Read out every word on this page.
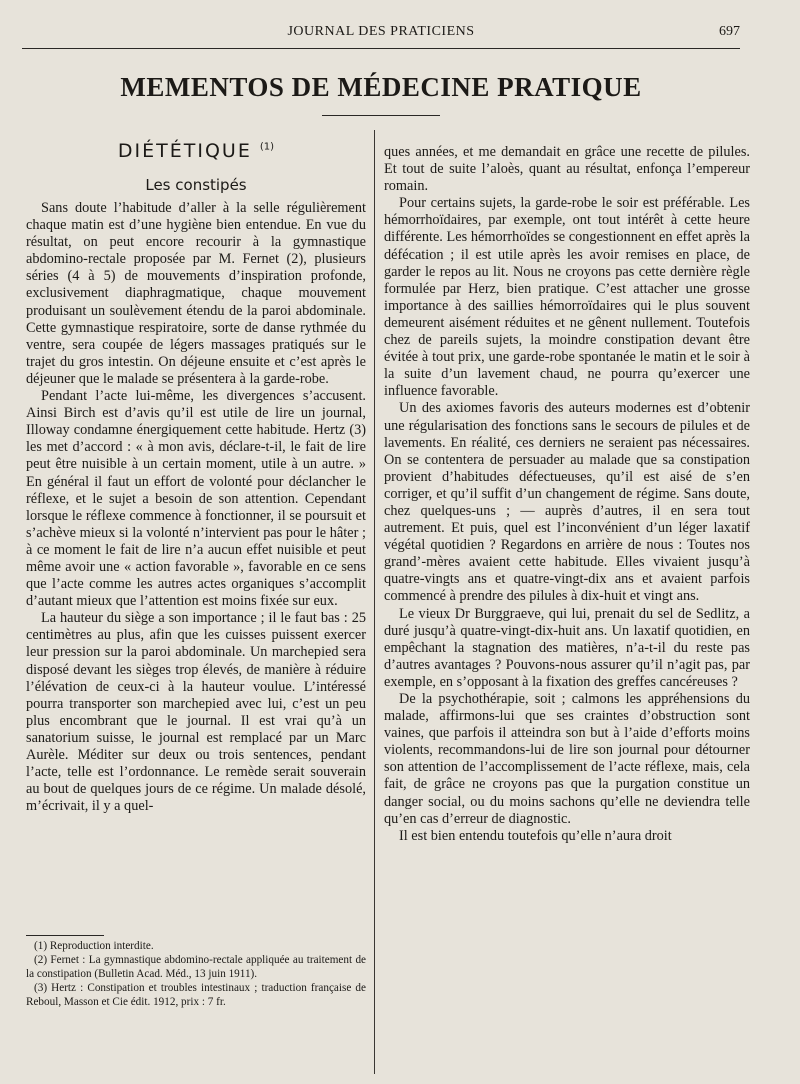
JOURNAL DES PRATICIENS	697
MEMENTOS DE MÉDECINE PRATIQUE
DIÉTÉTIQUE $^{(1)}$
Les constipés

Sans doute l’habitude d’aller à la selle régulièrement chaque matin est d’une hygiène bien entendue. En vue du résultat, on peut encore recourir à la gymnastique abdomino-rectale proposée par M. Fernet (2), plusieurs séries (4 à 5) de mouvements d’inspiration profonde, exclusivement diaphragmatique, chaque mouvement produisant un soulèvement étendu de la paroi abdominale. Cette gymnastique respiratoire, sorte de danse rythmée du ventre, sera coupée de légers massages pratiqués sur le trajet du gros intestin. On déjeune ensuite et c’est après le déjeuner que le malade se présentera à la garde-robe.

Pendant l’acte lui-même, les divergences s’accusent. Ainsi Birch est d’avis qu’il est utile de lire un journal, Illoway condamne énergiquement cette habitude. Hertz (3) les met d’accord : « à mon avis, déclare-t-il, le fait de lire peut être nuisible à un certain moment, utile à un autre. » En général il faut un effort de volonté pour déclancher le réflexe, et le sujet a besoin de son attention. Cependant lorsque le réflexe commence à fonctionner, il se poursuit et s’achève mieux si la volonté n’intervient pas pour le hâter ; à ce moment le fait de lire n’a aucun effet nuisible et peut même avoir une « action favorable », favorable en ce sens que l’acte comme les autres actes organiques s’accomplit d’autant mieux que l’attention est moins fixée sur eux.

La hauteur du siège a son importance ; il le faut bas : 25 centimètres au plus, afin que les cuisses puissent exercer leur pression sur la paroi abdominale. Un marchepied sera disposé devant les sièges trop élevés, de manière à réduire l’élévation de ceux-ci à la hauteur voulue. L’intéressé pourra transporter son marchepied avec lui, c’est un peu plus encombrant que le journal. Il est vrai qu’à un sanatorium suisse, le journal est remplacé par un Marc Aurèle. Méditer sur deux ou trois sentences, pendant l’acte, telle est l’ordonnance. Le remède serait souverain au bout de quelques jours de ce régime. Un malade désolé, m’écrivait, il y a quel-

(1) Reproduction interdite.

(2) Fernet : La gymnastique abdomino-rectale appliquée au traitement de la constipation (Bulletin Acad. Méd., 13 juin 1911).

(3) Hertz : Constipation et troubles intestinaux ; traduction française de Reboul, Masson et Cie édit. 1912, prix : 7 fr.

ques années, et me demandait en grâce une recette de pilules. Et tout de suite l’aloès, quant au résultat, enfonça l’empereur romain.

Pour certains sujets, la garde-robe le soir est préférable. Les hémorrhoïdaires, par exemple, ont tout intérêt à cette heure différente. Les hémorrhoïdes se congestionnent en effet après la défécation ; il est utile après les avoir remises en place, de garder le repos au lit. Nous ne croyons pas cette dernière règle formulée par Herz, bien pratique. C’est attacher une grosse importance à des saillies hémorroïdaires qui le plus souvent demeurent aisément réduites et ne gênent nullement. Toutefois chez de pareils sujets, la moindre constipation devant être évitée à tout prix, une garde-robe spontanée le matin et le soir à la suite d’un lavement chaud, ne pourra qu’exercer une influence favorable.

Un des axiomes favoris des auteurs modernes est d’obtenir une régularisation des fonctions sans le secours de pilules et de lavements. En réalité, ces derniers ne seraient pas nécessaires. On se contentera de persuader au malade que sa constipation provient d’habitudes défectueuses, qu’il est aisé de s’en corriger, et qu’il suffit d’un changement de régime. Sans doute, chez quelques-uns ; — auprès d’autres, il en sera tout autrement. Et puis, quel est l’inconvénient d’un léger laxatif végétal quotidien ? Regardons en arrière de nous : Toutes nos grand’-mères avaient cette habitude. Elles vivaient jusqu’à quatre-vingts ans et quatre-vingt-dix ans et avaient parfois commencé à prendre des pilules à dix-huit et vingt ans.

Le vieux Dr Burggraeve, qui lui, prenait du sel de Sedlitz, a duré jusqu’à quatre-vingt-dix-huit ans. Un laxatif quotidien, en empêchant la stagnation des matières, n’a-t-il du reste pas d’autres avantages ? Pouvons-nous assurer qu’il n’agit pas, par exemple, en s’opposant à la fixation des greffes cancéreuses ?

De la psychothérapie, soit ; calmons les appréhensions du malade, affirmons-lui que ses craintes d’obstruction sont vaines, que parfois il atteindra son but à l’aide d’efforts moins violents, recommandons-lui de lire son journal pour détourner son attention de l’accomplissement de l’acte réflexe, mais, cela fait, de grâce ne croyons pas que la purgation constitue un danger social, ou du moins sachons qu’elle ne deviendra telle qu’en cas d’erreur de diagnostic.

Il est bien entendu toutefois qu’elle n’aura droit
